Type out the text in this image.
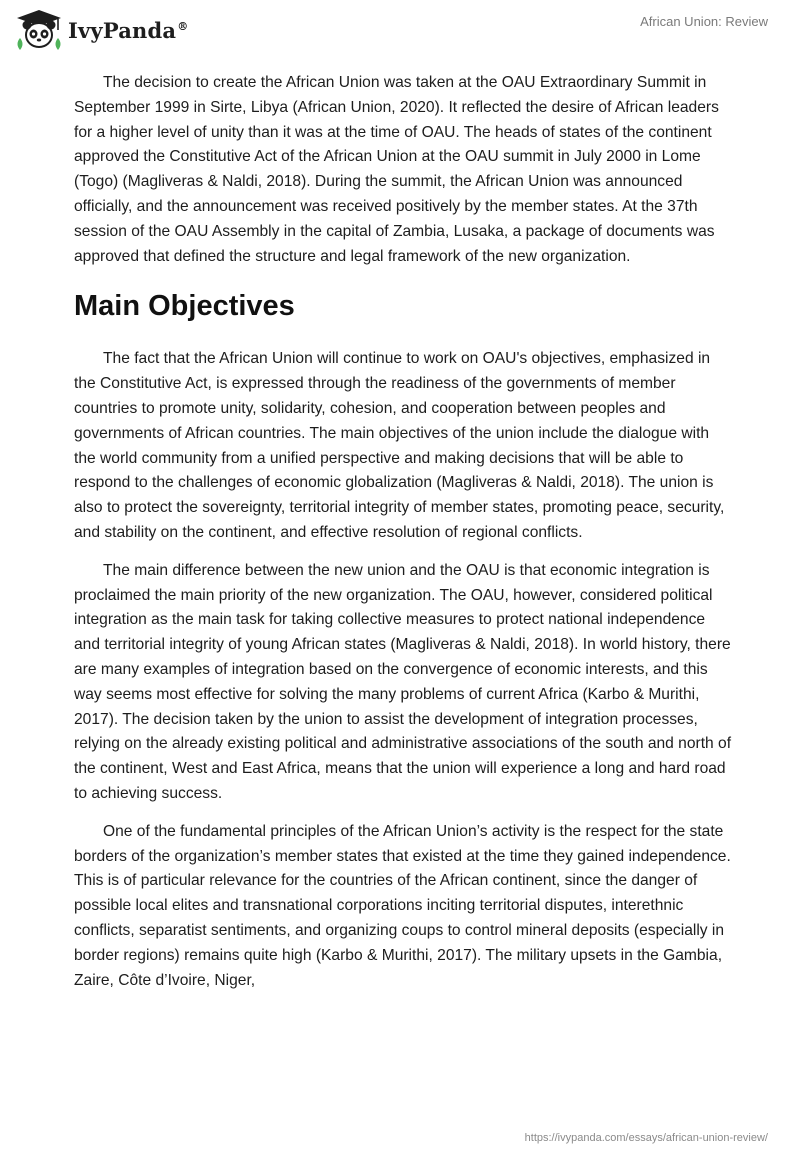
IvyPanda®	African Union: Review

The decision to create the African Union was taken at the OAU Extraordinary Summit in September 1999 in Sirte, Libya (African Union, 2020). It reflected the desire of African leaders for a higher level of unity than it was at the time of OAU. The heads of states of the continent approved the Constitutive Act of the African Union at the OAU summit in July 2000 in Lome (Togo) (Magliveras & Naldi, 2018). During the summit, the African Union was announced officially, and the announcement was received positively by the member states. At the 37th session of the OAU Assembly in the capital of Zambia, Lusaka, a package of documents was approved that defined the structure and legal framework of the new organization.

Main Objectives

The fact that the African Union will continue to work on OAU's objectives, emphasized in the Constitutive Act, is expressed through the readiness of the governments of member countries to promote unity, solidarity, cohesion, and cooperation between peoples and governments of African countries. The main objectives of the union include the dialogue with the world community from a unified perspective and making decisions that will be able to respond to the challenges of economic globalization (Magliveras & Naldi, 2018). The union is also to protect the sovereignty, territorial integrity of member states, promoting peace, security, and stability on the continent, and effective resolution of regional conflicts.

The main difference between the new union and the OAU is that economic integration is proclaimed the main priority of the new organization. The OAU, however, considered political integration as the main task for taking collective measures to protect national independence and territorial integrity of young African states (Magliveras & Naldi, 2018). In world history, there are many examples of integration based on the convergence of economic interests, and this way seems most effective for solving the many problems of current Africa (Karbo & Murithi, 2017). The decision taken by the union to assist the development of integration processes, relying on the already existing political and administrative associations of the south and north of the continent, West and East Africa, means that the union will experience a long and hard road to achieving success.

One of the fundamental principles of the African Union’s activity is the respect for the state borders of the organization’s member states that existed at the time they gained independence. This is of particular relevance for the countries of the African continent, since the danger of possible local elites and transnational corporations inciting territorial disputes, interethnic conflicts, separatist sentiments, and organizing coups to control mineral deposits (especially in border regions) remains quite high (Karbo & Murithi, 2017). The military upsets in the Gambia, Zaire, Côte d’Ivoire, Niger,

https://ivypanda.com/essays/african-union-review/
